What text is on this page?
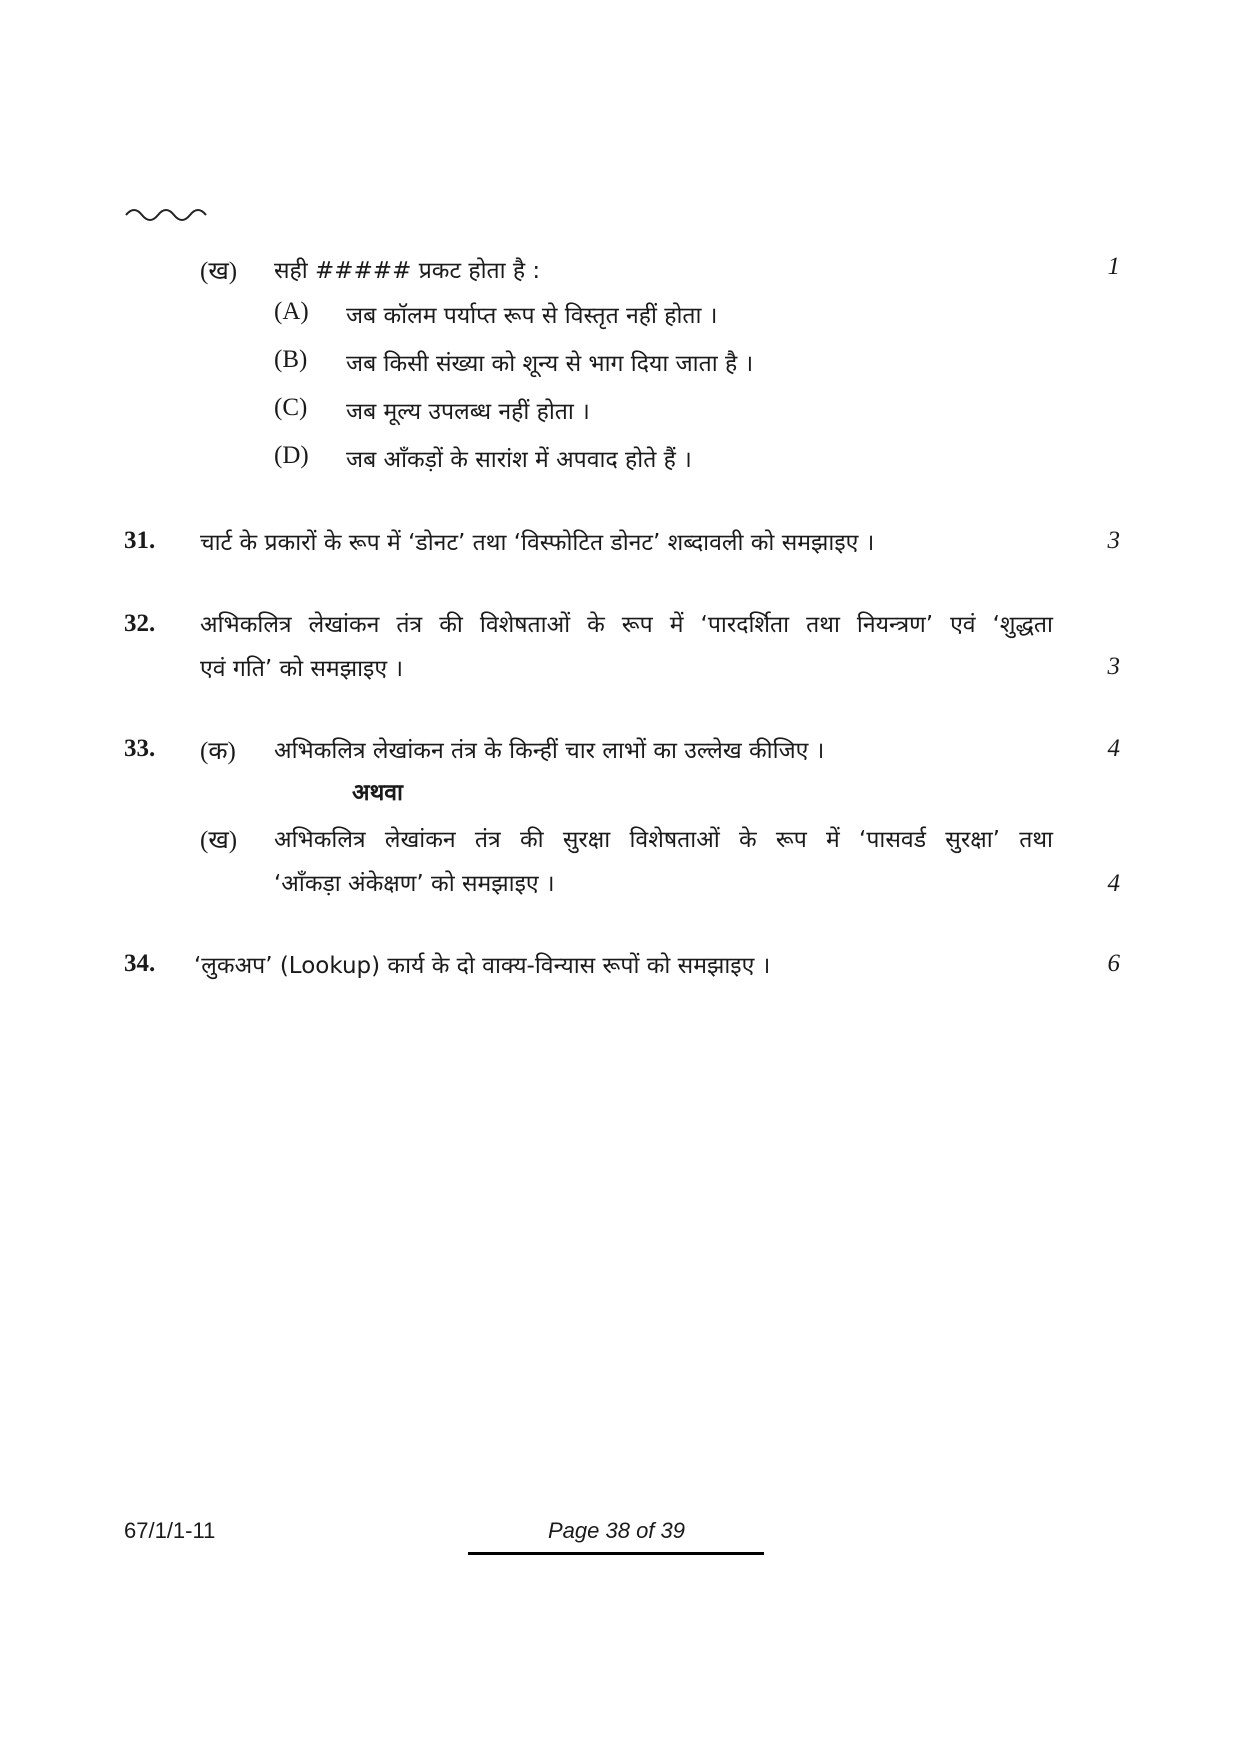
(ख) सही ##### प्रकट होता है :	1
(A) जब कॉलम पर्याप्त रूप से विस्तृत नहीं होता ।
(B) जब किसी संख्या को शून्य से भाग दिया जाता है ।
(C) जब मूल्य उपलब्ध नहीं होता ।
(D) जब आँकड़ों के सारांश में अपवाद होते हैं ।
31. चार्ट के प्रकारों के रूप में ‘डोनट’ तथा ‘विस्फोटित डोनट’ शब्दावली को समझाइए ।	3
32. अभिकलित्र लेखांकन तंत्र की विशेषताओं के रूप में ‘पारदर्शिता तथा नियन्त्रण’ एवं ‘शुद्धता
एवं गति’ को समझाइए ।	3
33. (क) अभिकलित्र लेखांकन तंत्र के किन्हीं चार लाभों का उल्लेख कीजिए ।	4
अथवा
(ख) अभिकलित्र लेखांकन तंत्र की सुरक्षा विशेषताओं के रूप में ‘पासवर्ड सुरक्षा’ तथा
‘आँकड़ा अंकेक्षण’ को समझाइए ।	4
34. ‘लुकअप’ (Lookup) कार्य के दो वाक्य-विन्यास रूपों को समझाइए ।	6
67/1/1-11	Page 38 of 39
